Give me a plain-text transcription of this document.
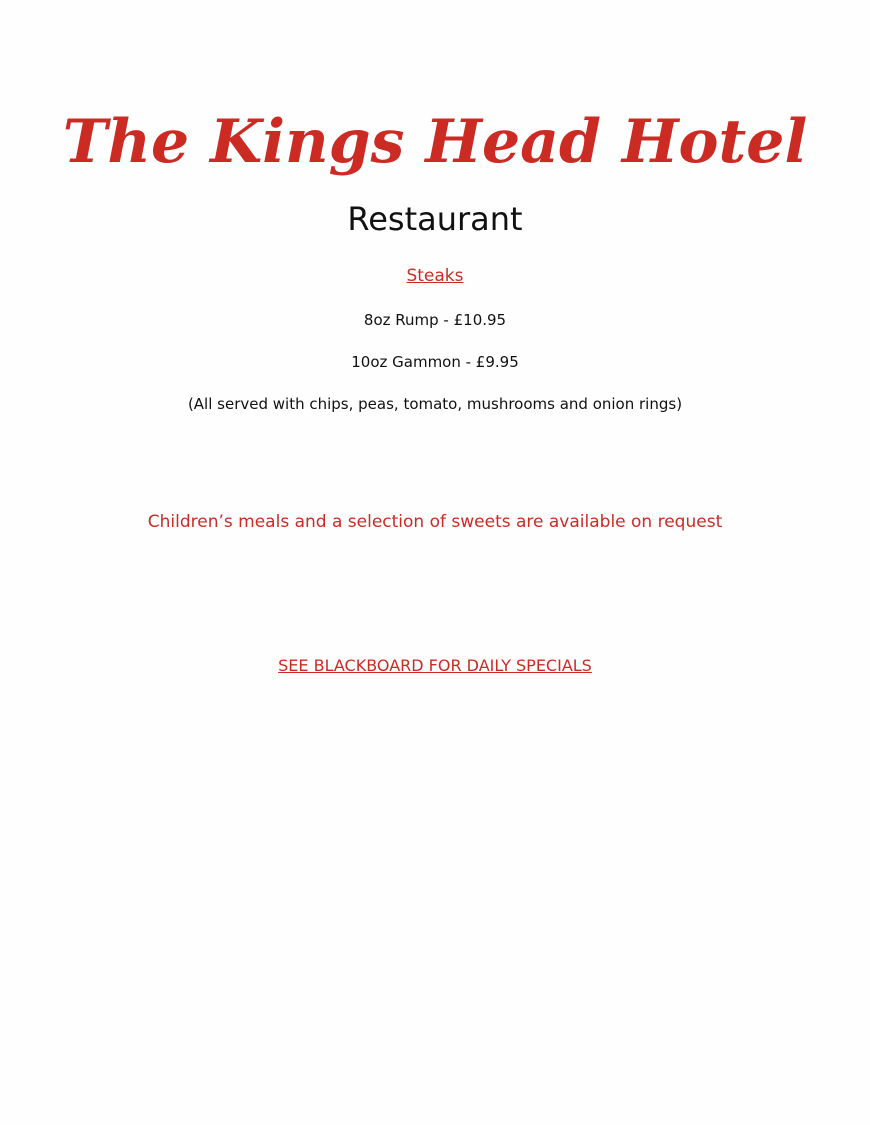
The Kings Head Hotel
Restaurant
Steaks
8oz Rump - £10.95
10oz Gammon - £9.95
(All served with chips, peas, tomato, mushrooms and onion rings)
Children’s meals and a selection of sweets are available on request
SEE BLACKBOARD FOR DAILY SPECIALS
